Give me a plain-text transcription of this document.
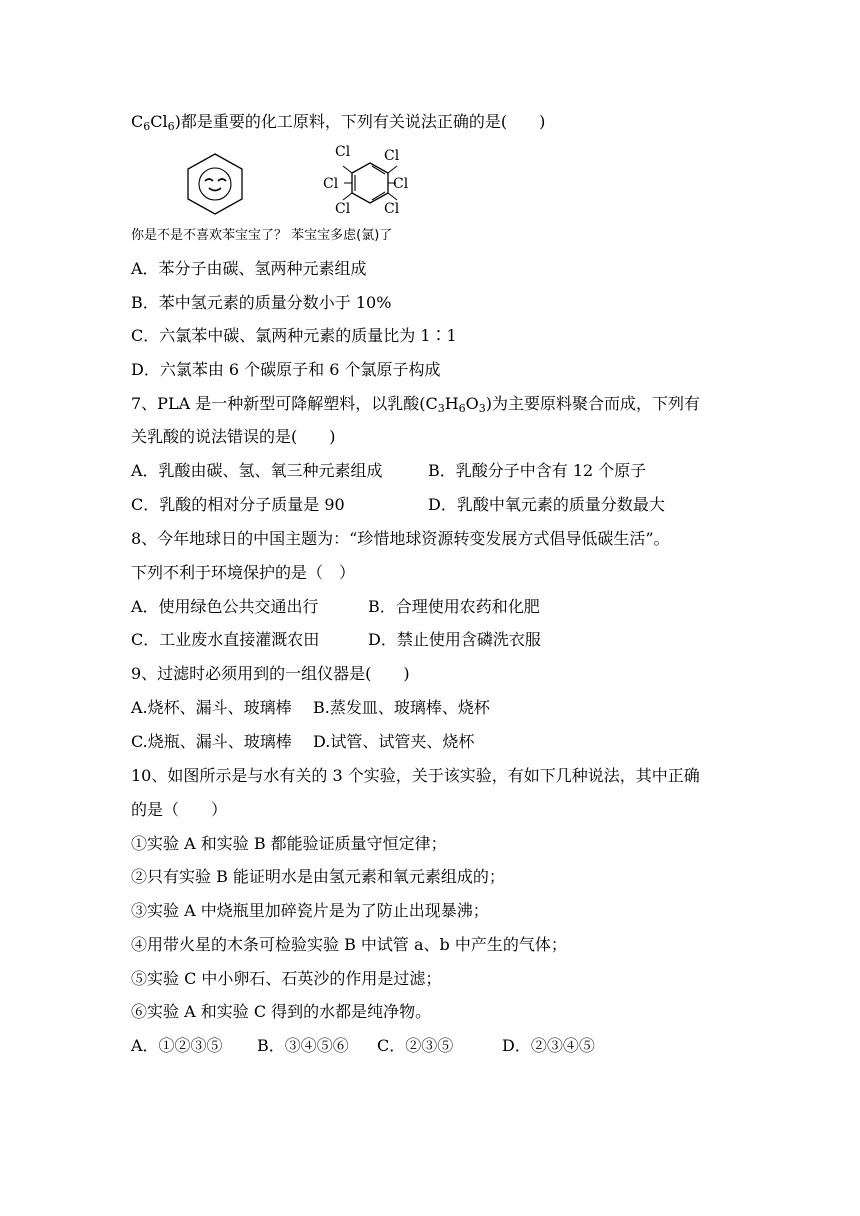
$C_6Cl_6$)都是重要的化工原料，下列有关说法正确的是(　　)
Cl Cl
Cl	Cl
Cl Cl
你是不是不喜欢苯宝宝了？ 苯宝宝多虑(氯)了
A．苯分子由碳、氢两种元素组成
B．苯中氢元素的质量分数小于 10%
C．六氯苯中碳、氯两种元素的质量比为 1∶1
D．六氯苯由 6 个碳原子和 6 个氯原子构成
7、PLA 是一种新型可降解塑料，以乳酸$(C_3H_6O_3)$为主要原料聚合而成，下列有
关乳酸的说法错误的是(　　)
A．乳酸由碳、氢、氧三种元素组成	B．乳酸分子中含有 12 个原子
C．乳酸的相对分子质量是 90	D．乳酸中氧元素的质量分数最大
8、今年地球日的中国主题为：“珍惜地球资源转变发展方式倡导低碳生活”。
下列不利于环境保护的是（　）
A．使用绿色公共交通出行	B．合理使用农药和化肥
C．工业废水直接灌溉农田	D．禁止使用含磷洗衣服
9、过滤时必须用到的一组仪器是(　　)
A.烧杯、漏斗、玻璃棒 B.蒸发皿、玻璃棒、烧杯
C.烧瓶、漏斗、玻璃棒 D.试管、试管夹、烧杯
10、如图所示是与水有关的 3 个实验，关于该实验，有如下几种说法，其中正确
的是（　　）
①实验 A 和实验 B 都能验证质量守恒定律；
②只有实验 B 能证明水是由氢元素和氧元素组成的；
③实验 A 中烧瓶里加碎瓷片是为了防止出现暴沸；
④用带火星的木条可检验实验 B 中试管 a、b 中产生的气体；
⑤实验 C 中小卵石、石英沙的作用是过滤；
⑥实验 A 和实验 C 得到的水都是纯净物。
A．①②③⑤ B．③④⑤⑥ C．②③⑤	D．②③④⑤
